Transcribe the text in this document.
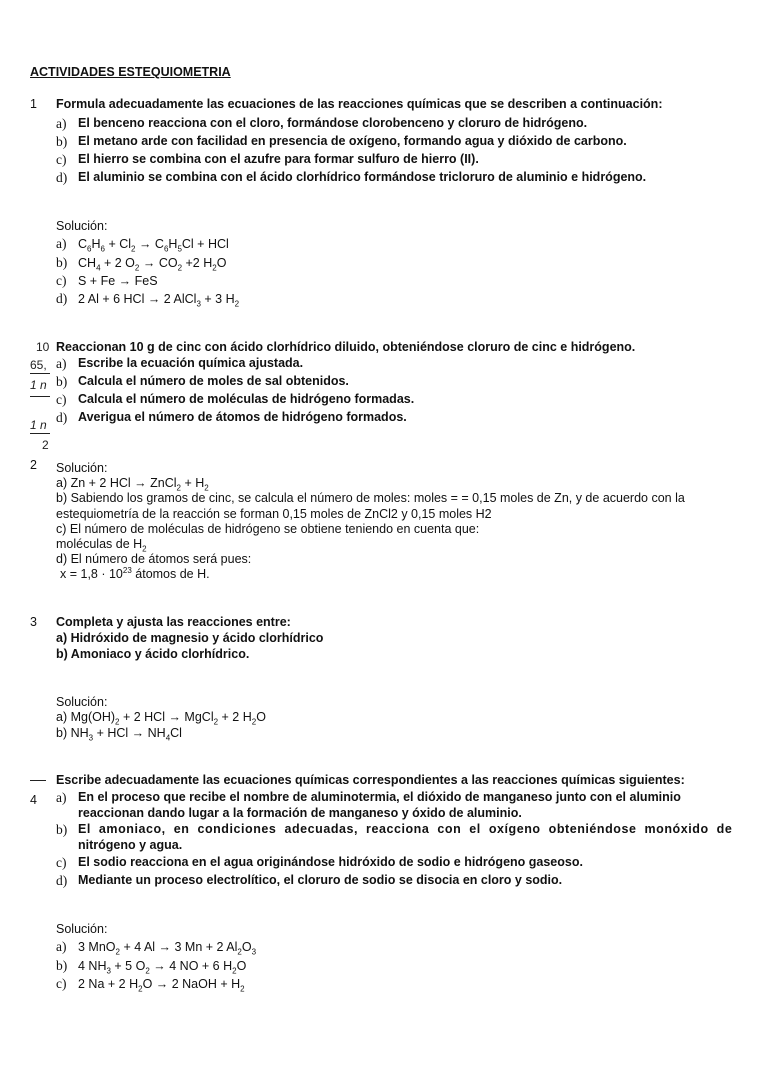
ACTIVIDADES ESTEQUIOMETRIA
1 Formula adecuadamente las ecuaciones de las reacciones químicas que se describen a continuación:
a) El benceno reacciona con el cloro, formándose clorobenceno y cloruro de hidrógeno.
b) El metano arde con facilidad en presencia de oxígeno, formando agua y dióxido de carbono.
c) El hierro se combina con el azufre para formar sulfuro de hierro (II).
d) El aluminio se combina con el ácido clorhídrico formándose tricloruro de aluminio e hidrógeno.
Solución:
a) $C_6H_6 + Cl_2 \to C_6H_5Cl$ + HCl
b) $CH_4 + 2$ $O_2 \to CO_2 +2$ $H_2O$
c) S + Fe → FeS
d) 2 Al + 6 HCl → 2 AlCl$_3$ + 3 $H_2$
10
65,
1 n
1 n
2
Reaccionan 10 g de cinc con ácido clorhídrico diluido, obteniéndose cloruro de cinc e hidrógeno.
a) Escribe la ecuación química ajustada.
b) Calcula el número de moles de sal obtenidos.
c) Calcula el número de moléculas de hidrógeno formadas.
d) Averigua el número de átomos de hidrógeno formados.
2 Solución:
a) Zn + 2 HCl → ZnCl$_2$ + $H_2$
b) Sabiendo los gramos de cinc, se calcula el número de moles: moles = = 0,15 moles de Zn, y de acuerdo con la
estequiometría de la reacción se forman 0,15 moles de ZnCl2 y 0,15 moles H2
c) El número de moléculas de hidrógeno se obtiene teniendo en cuenta que:
moléculas de $H_2$
d) El número de átomos será pues:
$x = 1,8 \cdot 10^{23}$ átomos de H.
3 Completa y ajusta las reacciones entre:
a) Hidróxido de magnesio y ácido clorhídrico
b) Amoniaco y ácido clorhídrico.
Solución:
a) $Mg(OH)_2 + 2$ HCl → MgCl$_2$ + 2 $H_2O$
b) $NH_3$ + HCl → $NH_4Cl$
4
Escribe adecuadamente las ecuaciones químicas correspondientes a las reacciones químicas siguientes:
a) En el proceso que recibe el nombre de aluminotermia, el dióxido de manganeso junto con el aluminio
reaccionan dando lugar a la formación de manganeso y óxido de aluminio.
b) El amoniaco, en condiciones adecuadas, reacciona con el oxígeno obteniéndose monóxido de
nitrógeno y agua.
c) El sodio reacciona en el agua originándose hidróxido de sodio e hidrógeno gaseoso.
d) Mediante un proceso electrolítico, el cloruro de sodio se disocia en cloro y sodio.
Solución:
a) 3 MnO$_2$ + 4 Al → 3 Mn + 2 $Al_2O_3$
b) 4 $NH_3 + 5$ $O_2 \to 4$ NO + 6 $H_2O$
c) 2 Na + 2 $H_2O \to 2$ NaOH + $H_2$
